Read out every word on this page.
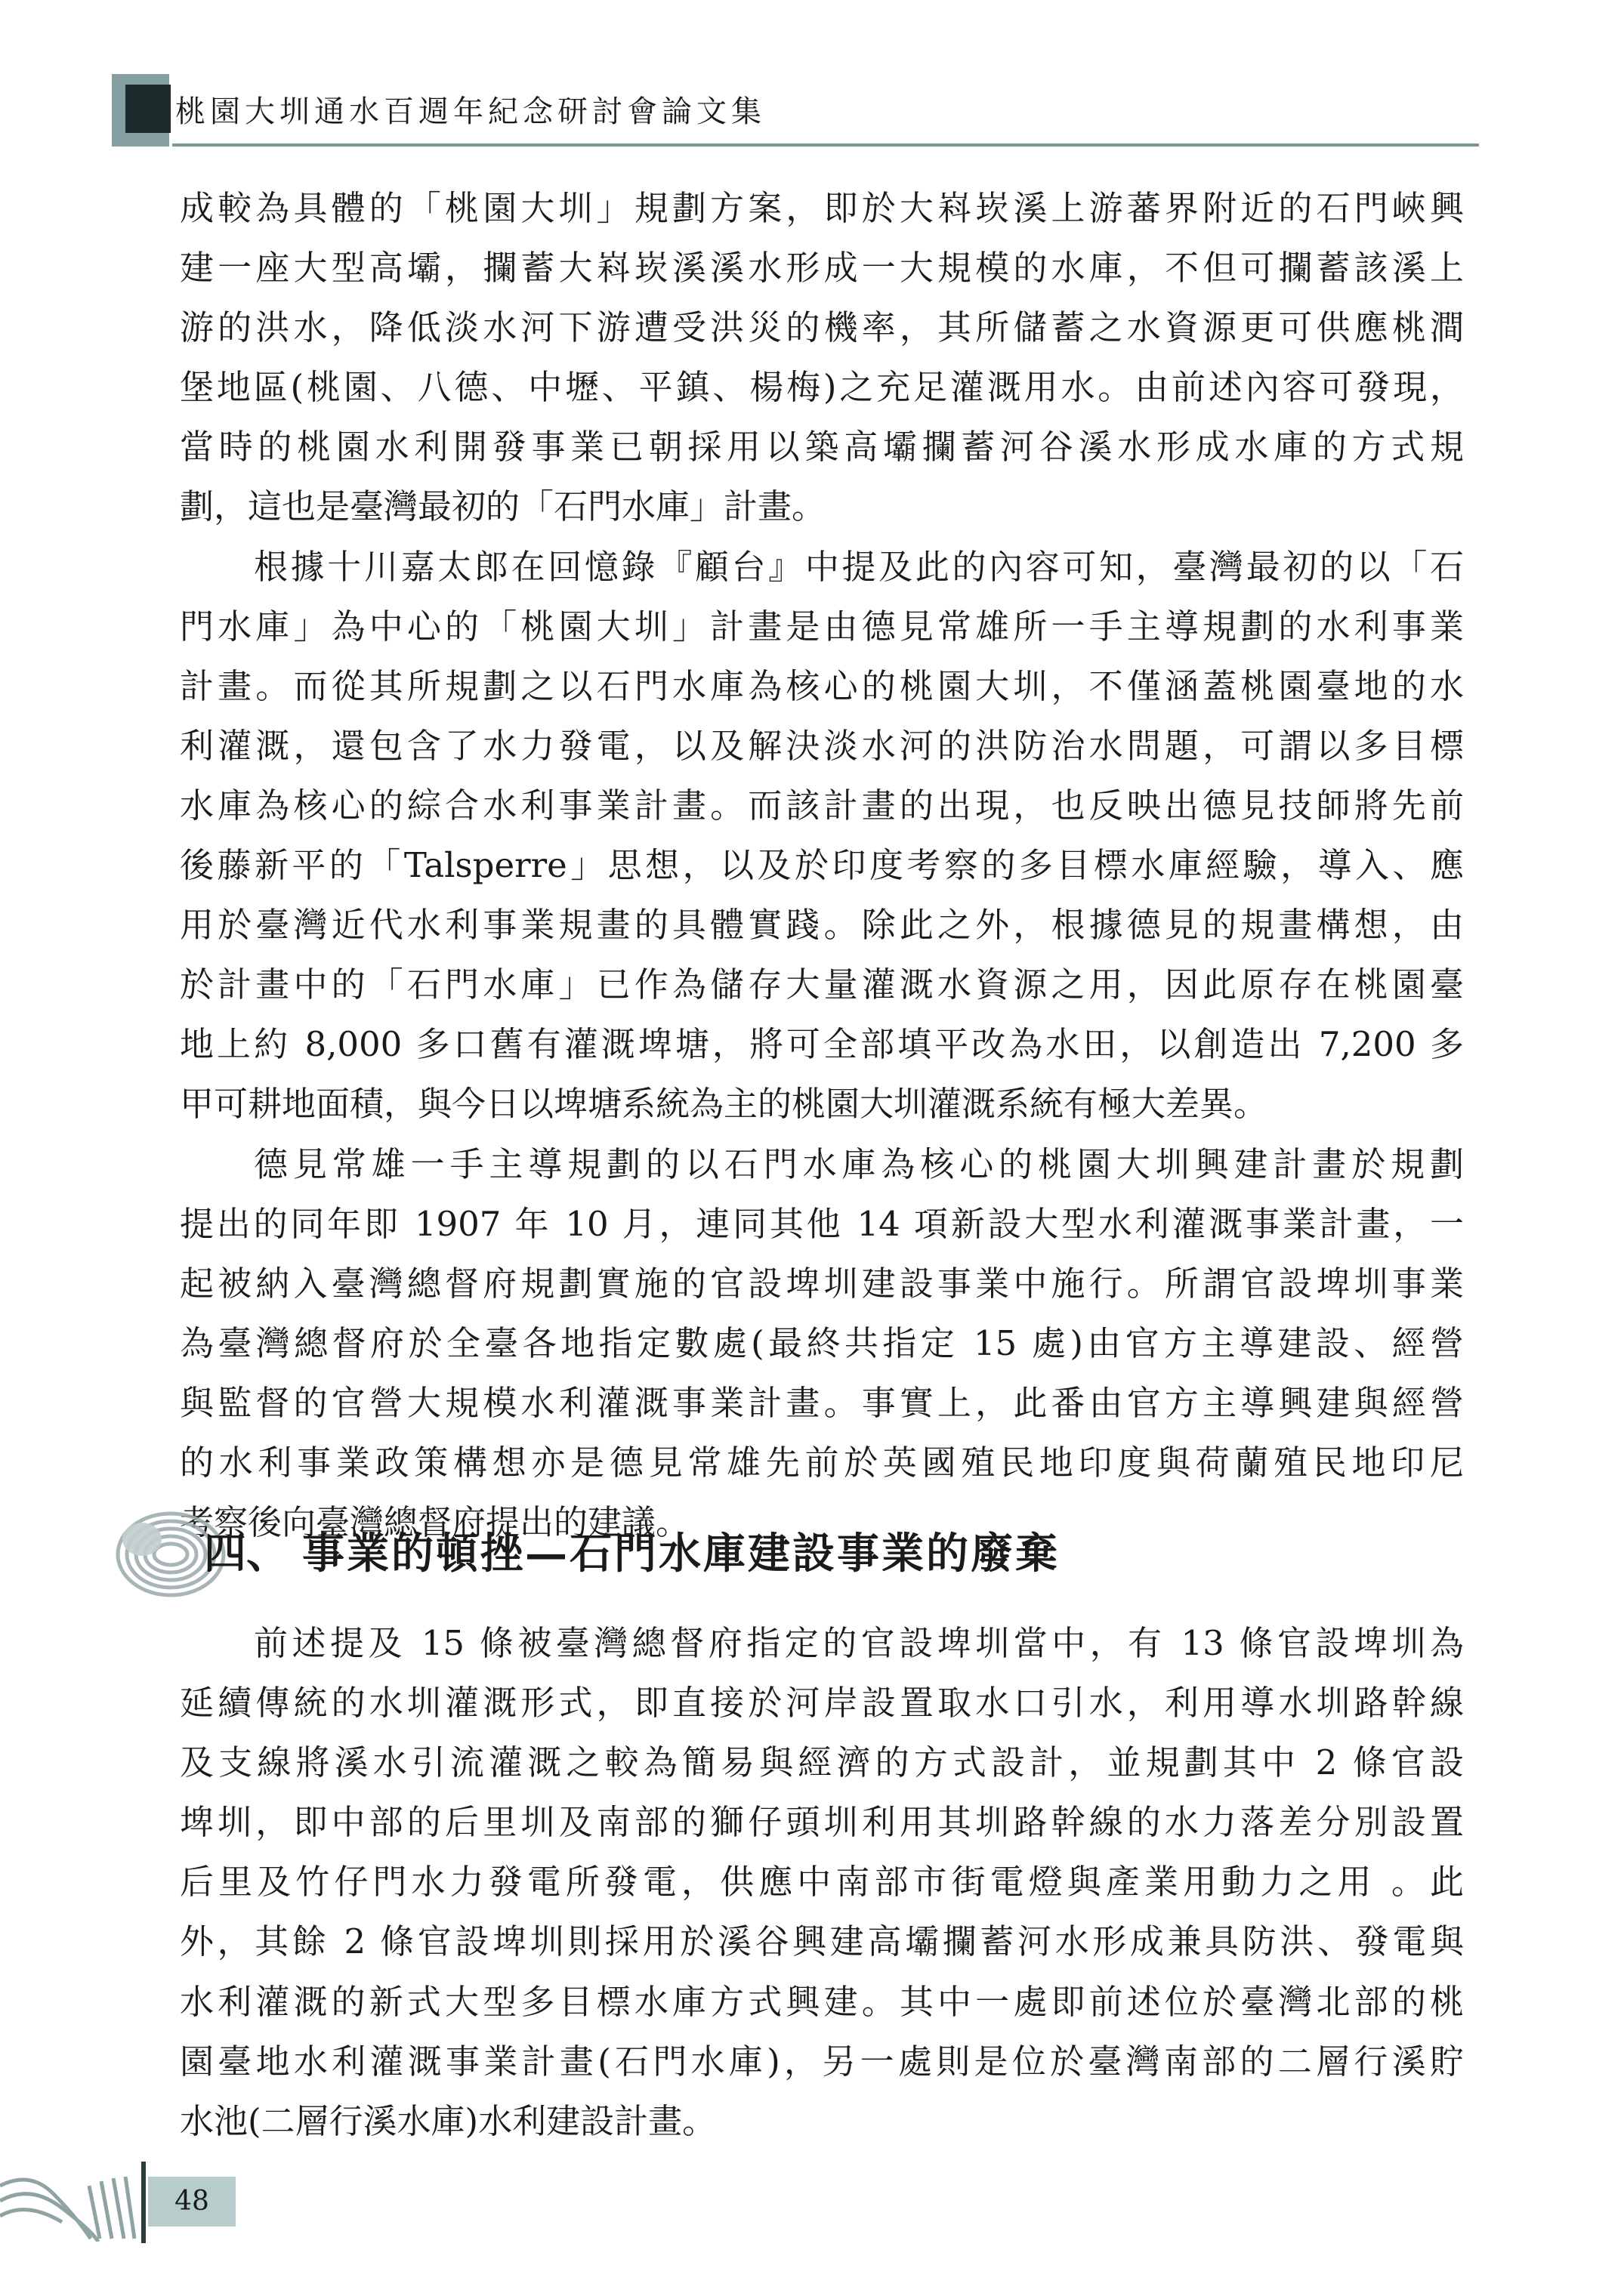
桃園大圳通水百週年紀念研討會論文集

成較為具體的「桃園大圳」規劃方案，即於大嵙崁溪上游蕃界附近的石門峽興

建一座大型高壩，攔蓄大嵙崁溪溪水形成一大規模的水庫，不但可攔蓄該溪上

游的洪水，降低淡水河下游遭受洪災的機率，其所儲蓄之水資源更可供應桃澗

堡地區(桃園、八德、中壢、平鎮、楊梅)之充足灌溉用水。由前述內容可發現，

當時的桃園水利開發事業已朝採用以築高壩攔蓄河谷溪水形成水庫的方式規

劃，這也是臺灣最初的「石門水庫」計畫。

根據十川嘉太郎在回憶錄『顧台』中提及此的內容可知，臺灣最初的以「石

門水庫」為中心的「桃園大圳」計畫是由德見常雄所一手主導規劃的水利事業

計畫。而從其所規劃之以石門水庫為核心的桃園大圳，不僅涵蓋桃園臺地的水

利灌溉，還包含了水力發電，以及解決淡水河的洪防治水問題，可謂以多目標

水庫為核心的綜合水利事業計畫。而該計畫的出現，也反映出德見技師將先前

後藤新平的「Talsperre」思想，以及於印度考察的多目標水庫經驗，導入、應

用於臺灣近代水利事業規畫的具體實踐。除此之外，根據德見的規畫構想，由

於計畫中的「石門水庫」已作為儲存大量灌溉水資源之用，因此原存在桃園臺

地上約 8,000 多口舊有灌溉埤塘，將可全部填平改為水田，以創造出 7,200 多

甲可耕地面積，與今日以埤塘系統為主的桃園大圳灌溉系統有極大差異。

德見常雄一手主導規劃的以石門水庫為核心的桃園大圳興建計畫於規劃

提出的同年即 1907 年 10 月，連同其他 14 項新設大型水利灌溉事業計畫，一

起被納入臺灣總督府規劃實施的官設埤圳建設事業中施行。所謂官設埤圳事業

為臺灣總督府於全臺各地指定數處(最終共指定 15 處)由官方主導建設、經營

與監督的官營大規模水利灌溉事業計畫。事實上，此番由官方主導興建與經營

的水利事業政策構想亦是德見常雄先前於英國殖民地印度與荷蘭殖民地印尼

考察後向臺灣總督府提出的建議。

四、 事業的頓挫—石門水庫建設事業的廢棄

前述提及 15 條被臺灣總督府指定的官設埤圳當中，有 13 條官設埤圳為

延續傳統的水圳灌溉形式，即直接於河岸設置取水口引水，利用導水圳路幹線

及支線將溪水引流灌溉之較為簡易與經濟的方式設計，並規劃其中 2 條官設

埤圳，即中部的后里圳及南部的獅仔頭圳利用其圳路幹線的水力落差分別設置

后里及竹仔門水力發電所發電，供應中南部市街電燈與產業用動力之用 。此

外，其餘 2 條官設埤圳則採用於溪谷興建高壩攔蓄河水形成兼具防洪、發電與

水利灌溉的新式大型多目標水庫方式興建。其中一處即前述位於臺灣北部的桃

園臺地水利灌溉事業計畫(石門水庫)，另一處則是位於臺灣南部的二層行溪貯

水池(二層行溪水庫)水利建設計畫。

48
